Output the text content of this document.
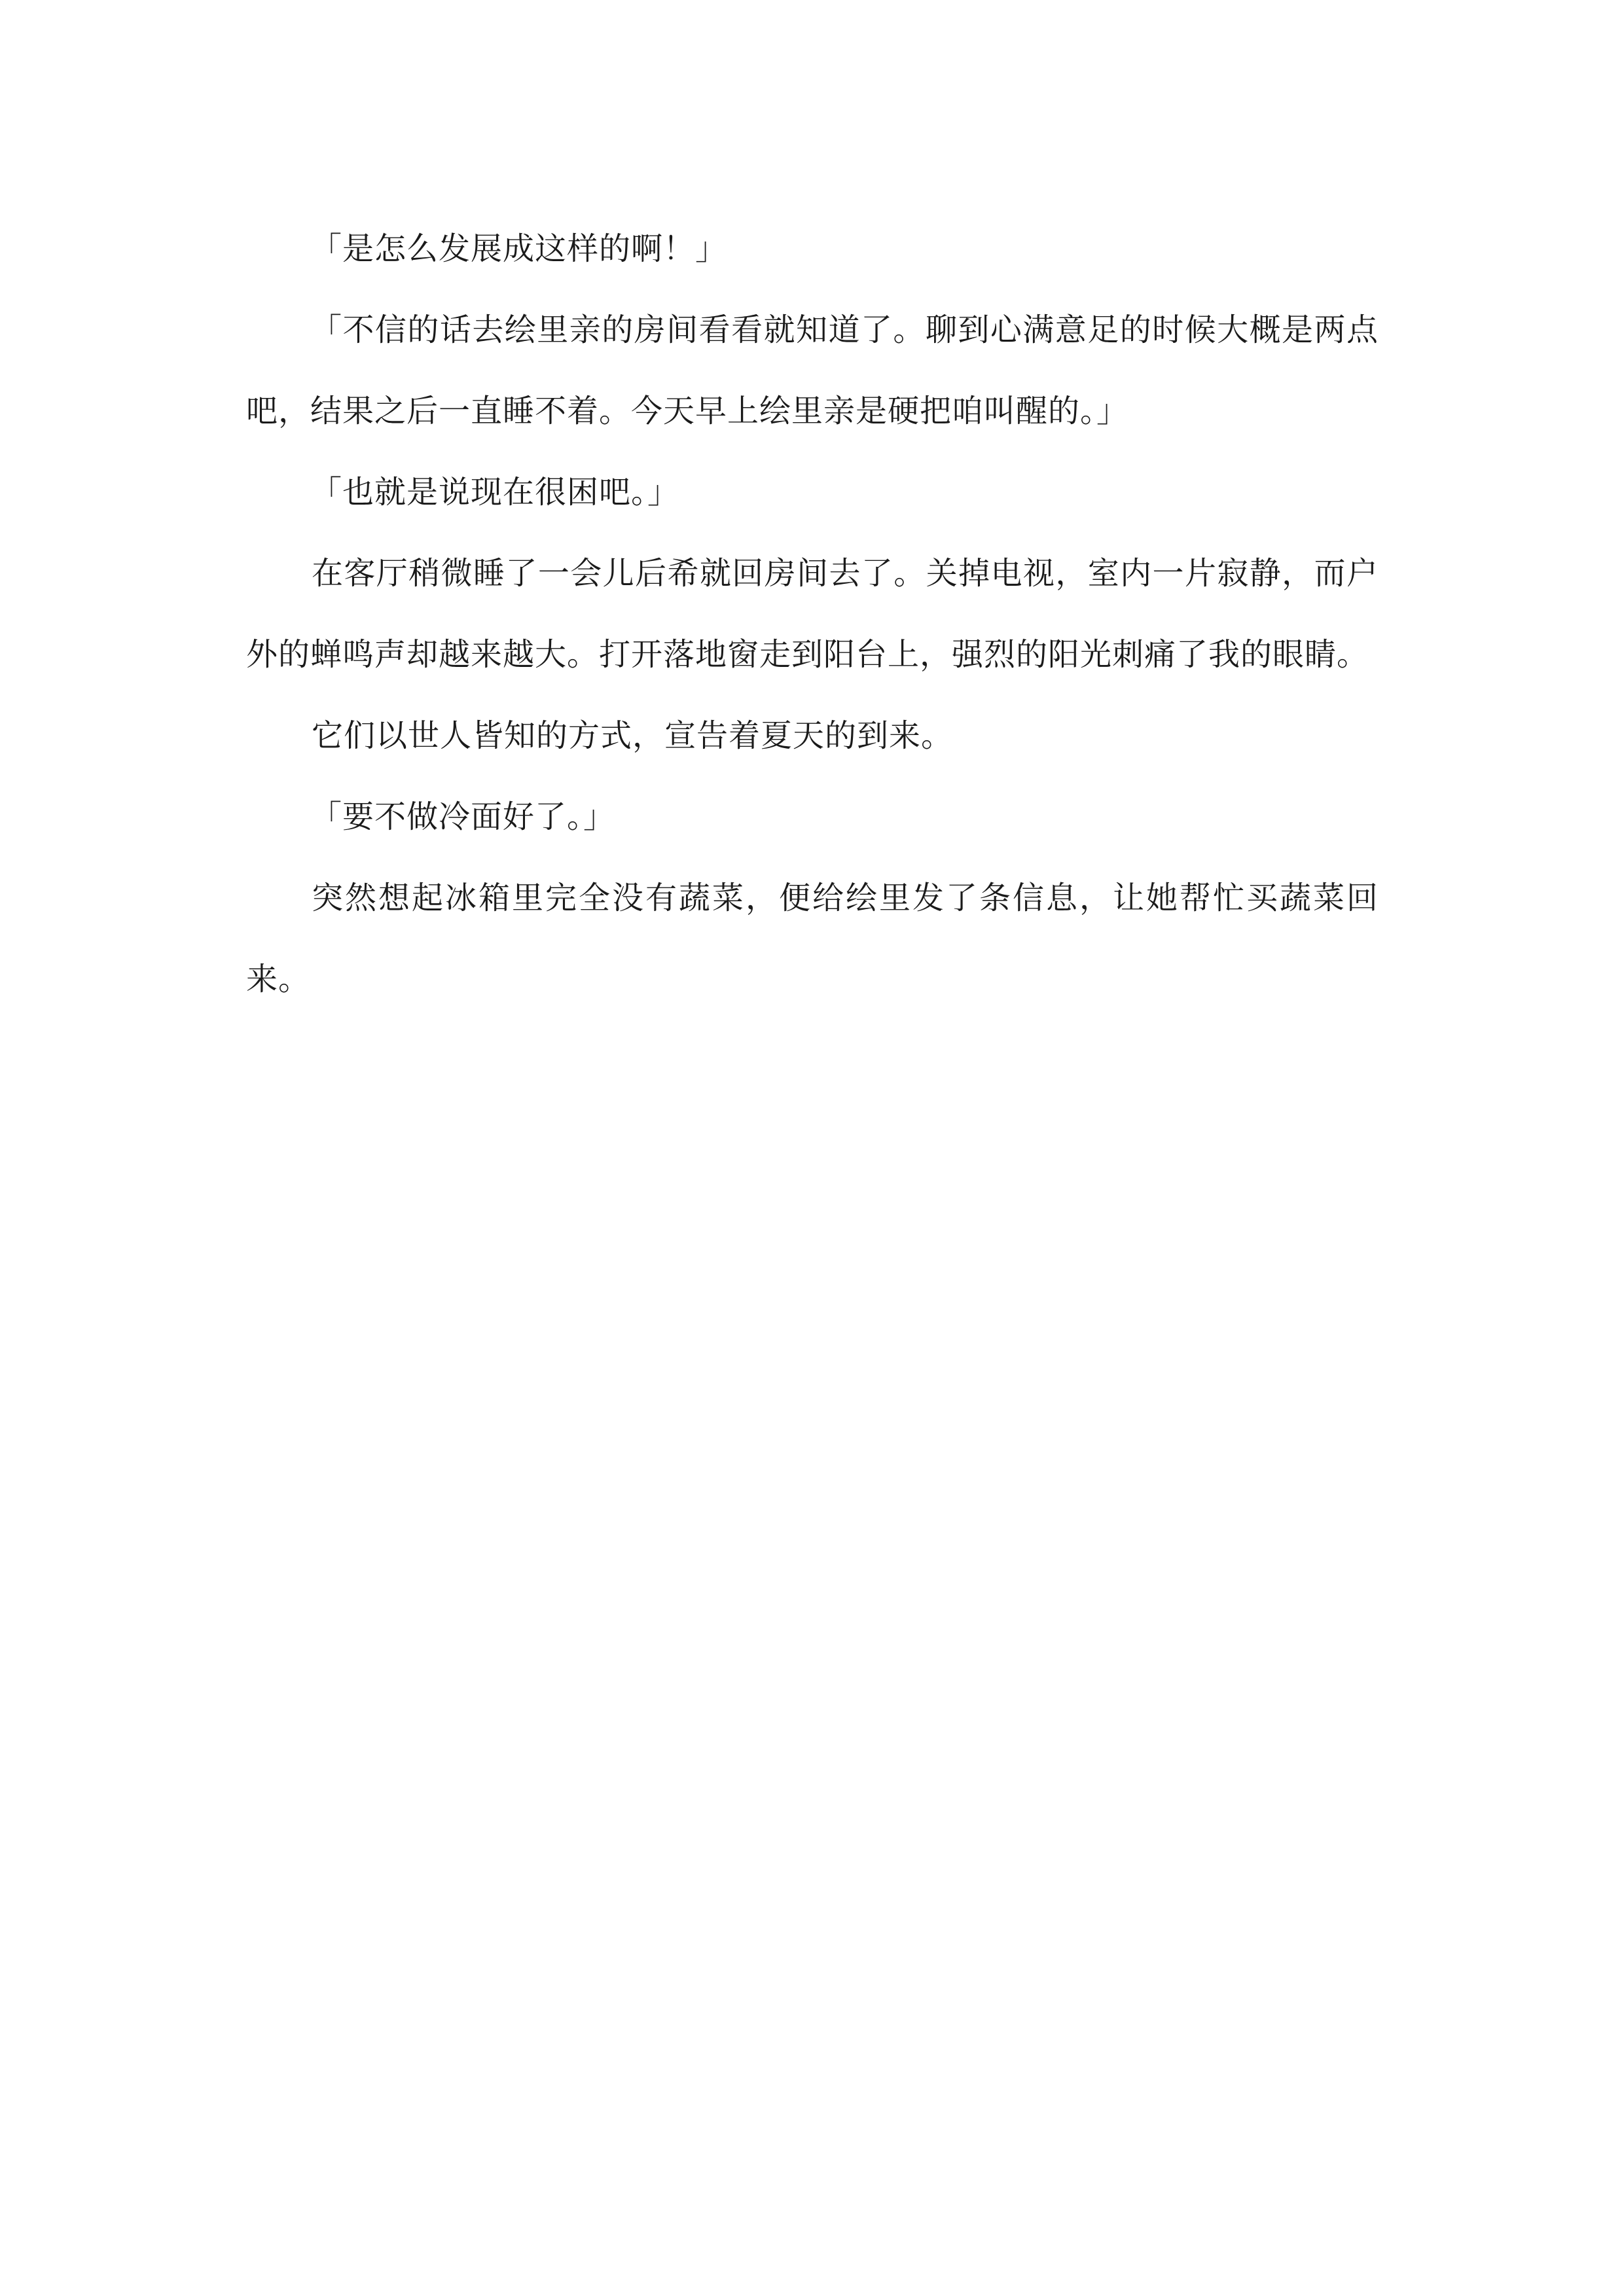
「是怎么发展成这样的啊！」

「不信的话去绘里亲的房间看看就知道了。聊到心满意足的时候大概是两点吧，结果之后一直睡不着。今天早上绘里亲是硬把咱叫醒的。」

「也就是说现在很困吧。」

在客厅稍微睡了一会儿后希就回房间去了。关掉电视，室内一片寂静，而户外的蝉鸣声却越来越大。打开落地窗走到阳台上，强烈的阳光刺痛了我的眼睛。

它们以世人皆知的方式，宣告着夏天的到来。

「要不做冷面好了。」

突然想起冰箱里完全没有蔬菜，便给绘里发了条信息，让她帮忙买蔬菜回来。
